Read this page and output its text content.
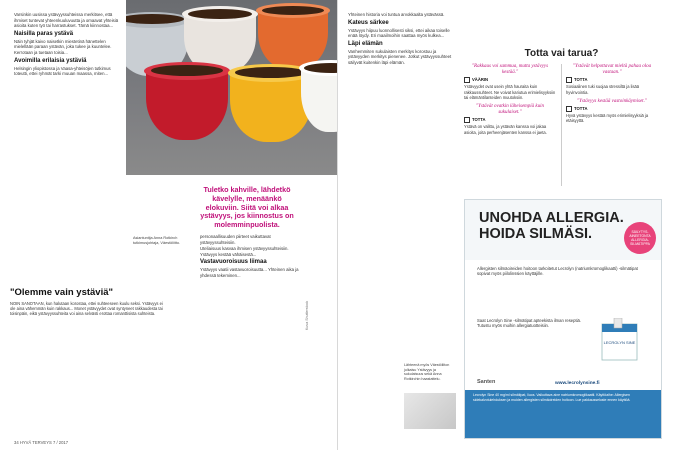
Varsinkin uusissa ystävyyssuhteissa merkitsee, että ihmiset tuntevat yhteenkuuluvuutta ja omaavat yhteisiä asioita kuten työ tai harrastukset. Tämä kiinnostaa...

Naisilla paras ystävä

Näin tyhjät kaivo naisetkin miestetinä hänettelen mielellään paraan ystävän, joka tukee ja kuuntelee. Kerrotaan ja tuetaan toisia...

Avoimilla erilaisia ystäviä

Helsingin yliopistossa ja Vaasa-yhteisöjen tutkimus toteutti, ettei ryhmät tarki muuan maassa, miten...

Tuletko kahville, lähdetkö kävelylle, menäänkö elokuviin. Siitä voi alkaa ystävyys, jos kiinnostus on molemminpuolista.
Asiantuntija Anna Rotkirch tutkimusjohtaja, Väestöliitto.

personaallisuuden piirteet vaikuttavat ystävyyssuhteisiin.

Uteliaisuus kasvaa ihmisen ystävyyssuhteisiin. Ystävyys kestää vähäisestä...

Vastavuoroisuus liimaa

Ystävyys vaatii vastavuoroisuutta... Yhteinen aika ja yhdessä tekeminen...

"Olemme vain ystäviä"
NOIN SANOTAAN, kun halutaan korostaa, ettei suhteeseen kuulu seksi. Ystävyys ei ole aina vähemmän kuin rakkaus... Monet ystävyydet ovat syntyneet rakkaudesta tai toisinpäin, eikä ystävyyssuhteita voi aina selvästi erottaa romanttisista suhteista.	Kuva Shutterstock
34 HYVÄ TERVEYS 7 / 2017

Yhteinen historia voi tuntua arvokkaalta ystävässä.

Kateus särkee

Ystävyys hiipuu luonnollisesti siksi, ettei aikaa toiselle enää löydy. Eri maailmoihin saattaa myös kulkea...

Läpi elämän

Vanhemmiten sukulaisten merkitys korostuu ja ystävyyden merkitys pienenee. Jotkut ystävyyssuhteet säilyvät kuitenkin läpi elämän.

Lähteenä myös Väestöliiton julkaisu Ystävyys ja sukulaisuus sekä Anna Rotkirchin haastattelu.
Totta vai tarua?
"Rakkaus voi sammua, mutta ystävyys kestää."
VÄÄRIN
Ystävyydet ovat usein yhtä hauraita kuin rakkaussuhteet. Ne voivat kariutua erimielisyyksiin tai elämäntilanteiden muutoksiin.
"Ystävät ovatkin läheisempiä kuin sukulaiset."
TOTTA
Ystävä on valittu, ja ystävän kanssa voi jakaa asioita, joita perheenjäsenten kanssa ei jaeta.
"Ystävät helpottavat mieltä pahaa oloa vastaan."
TOTTA
Sosiaalinen tuki suojaa stressiltä ja lisää hyvinvointia.
"Ystävyys kestää vastoinkäymiset."
TOTTA
Hyvä ystävyys kestää myös erimielisyyksiä ja etäisyyttä.
UNOHDA ALLERGIA.
HOIDA SILMÄSI.	SÄILYTYS-AINEETONTA ALLERGIA-SILMÄTIPPA
Allergisten silmäoireiden hoitoon tarkoitetut Lecrolyn (natriumkromoglikaatti) -silmätipat sopivat myös piilolinssien käyttäjille.
Saat Lecrolyn Sine -silmätipat apteekista ilman reseptiä. Tutustu myös muihin allergiatuotteisiin.
LECROLYN SINE
Santen	www.lecrolynsine.fi
Lecrolyn Sine 40 mg/ml silmätipat, liuos. Vaikuttava aine natriumkromoglikaatti. Käyttöaihe: Allergisen sidekalvotulehduksen ja muiden allergisten silmäoireiden hoitoon. Lue pakkausseloste ennen käyttöä.
